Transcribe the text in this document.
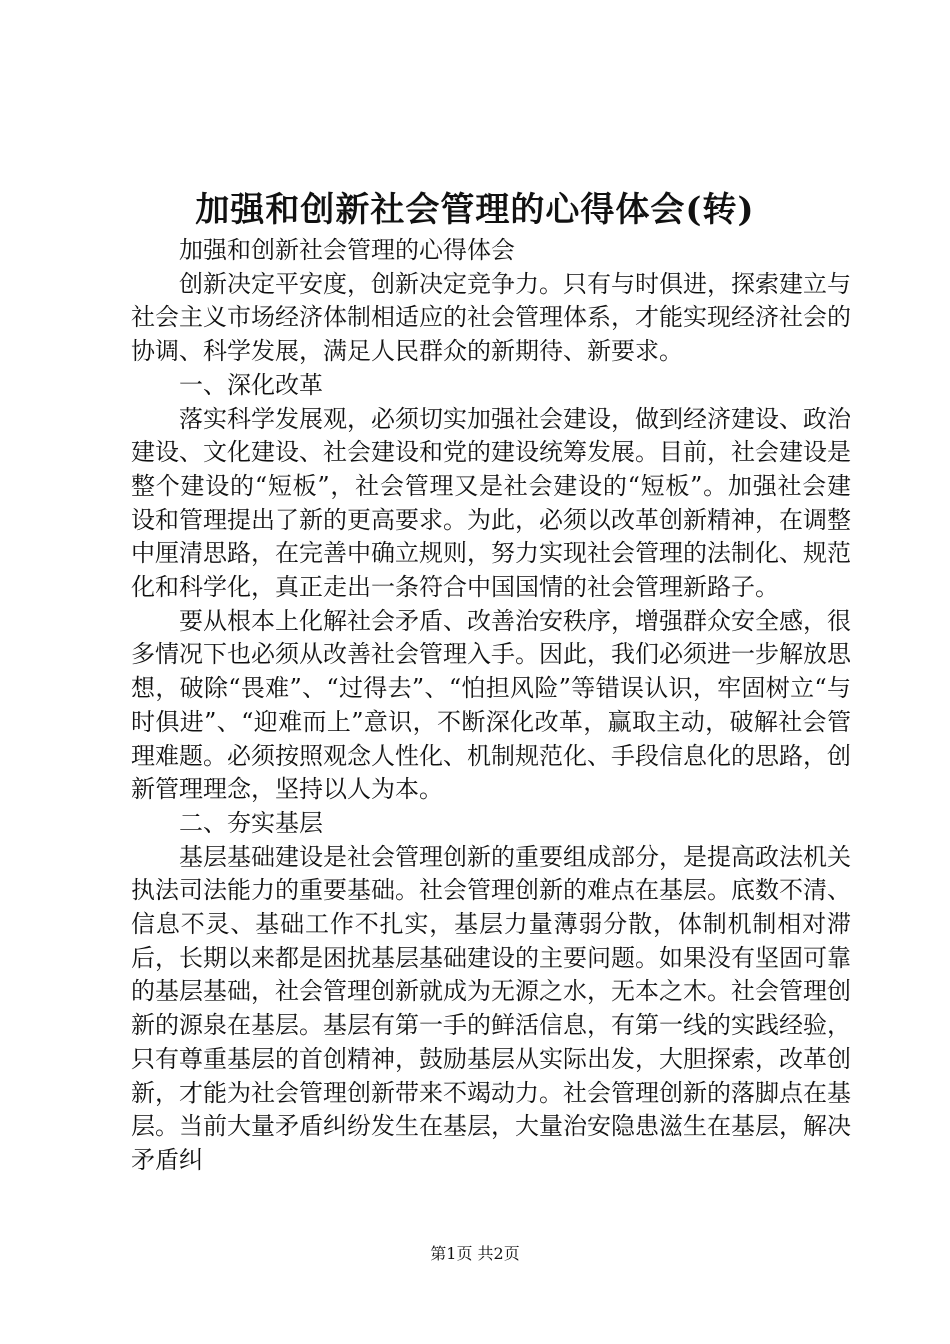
加强和创新社会管理的心得体会(转)

加强和创新社会管理的心得体会

创新决定平安度，创新决定竞争力。只有与时俱进，探索建立与社会主义市场经济体制相适应的社会管理体系，才能实现经济社会的协调、科学发展，满足人民群众的新期待、新要求。

一、深化改革

落实科学发展观，必须切实加强社会建设，做到经济建设、政治建设、文化建设、社会建设和党的建设统筹发展。目前，社会建设是整个建设的“短板”，社会管理又是社会建设的“短板”。加强社会建设和管理提出了新的更高要求。为此，必须以改革创新精神，在调整中厘清思路，在完善中确立规则，努力实现社会管理的法制化、规范化和科学化，真正走出一条符合中国国情的社会管理新路子。

要从根本上化解社会矛盾、改善治安秩序，增强群众安全感，很多情况下也必须从改善社会管理入手。因此，我们必须进一步解放思想，破除“畏难”、“过得去”、“怕担风险”等错误认识，牢固树立“与时俱进”、“迎难而上”意识，不断深化改革，赢取主动，破解社会管理难题。必须按照观念人性化、机制规范化、手段信息化的思路，创新管理理念，坚持以人为本。

二、夯实基层

基层基础建设是社会管理创新的重要组成部分，是提高政法机关执法司法能力的重要基础。社会管理创新的难点在基层。底数不清、信息不灵、基础工作不扎实，基层力量薄弱分散，体制机制相对滞后，长期以来都是困扰基层基础建设的主要问题。如果没有坚固可靠的基层基础，社会管理创新就成为无源之水，无本之木。社会管理创新的源泉在基层。基层有第一手的鲜活信息，有第一线的实践经验，只有尊重基层的首创精神，鼓励基层从实际出发，大胆探索，改革创新，才能为社会管理创新带来不竭动力。社会管理创新的落脚点在基层。当前大量矛盾纠纷发生在基层，大量治安隐患滋生在基层，解决矛盾纠

第1页 共2页
